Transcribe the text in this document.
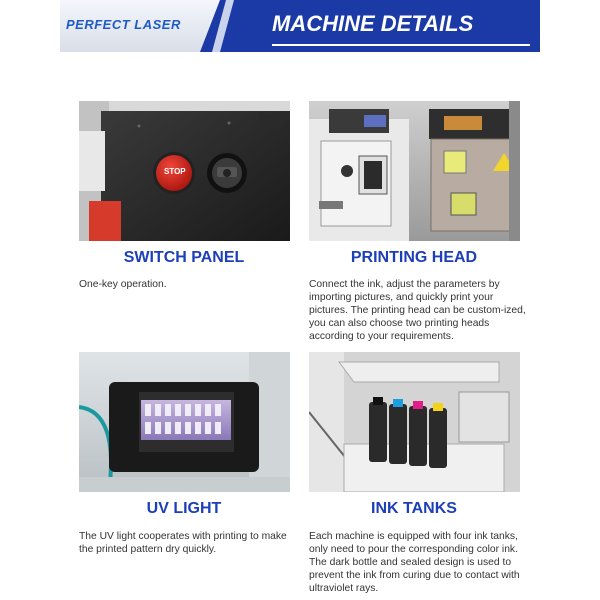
PERFECT LASER	MACHINE DETAILS
STOP
SWITCH PANEL	PRINTING HEAD
One-key operation.	Connect the ink, adjust the parameters by importing pictures, and quickly print your pictures. The printing head can be custom-ized, you can also choose two printing heads according to your requirements.
UV LIGHT	INK TANKS
The UV light cooperates with printing to make the printed pattern dry quickly.
Each machine is equipped with four ink tanks, only need to pour the corresponding color ink. The dark bottle and sealed design is used to prevent the ink from curing due to contact with ultraviolet rays.
